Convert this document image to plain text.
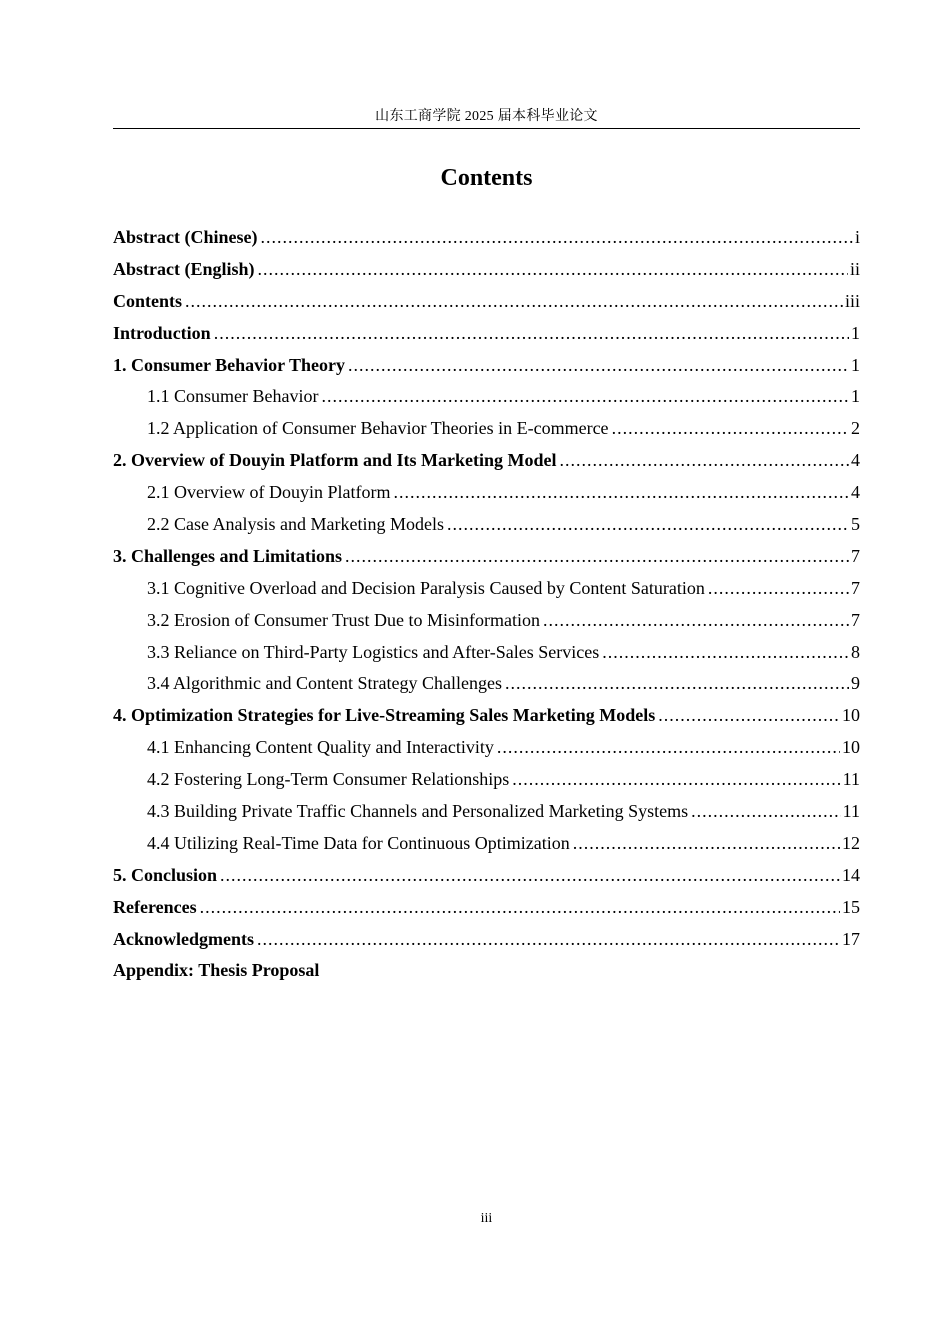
山东工商学院 2025 届本科毕业论文
Contents
Abstract (Chinese) .....	i
Abstract (English) .....	ii
Contents .....	iii
Introduction .....	1
1. Consumer Behavior Theory .....	1
1.1 Consumer Behavior .....	1
1.2 Application of Consumer Behavior Theories in E-commerce .....	2
2. Overview of Douyin Platform and Its Marketing Model .....	4
2.1 Overview of Douyin Platform .....	4
2.2 Case Analysis and Marketing Models .....	5
3. Challenges and Limitations .....	7
3.1 Cognitive Overload and Decision Paralysis Caused by Content Saturation .....	7
3.2 Erosion of Consumer Trust Due to Misinformation .....	7
3.3 Reliance on Third-Party Logistics and After-Sales Services .....	8
3.4 Algorithmic and Content Strategy Challenges .....	9
4. Optimization Strategies for Live-Streaming Sales Marketing Models .....	10
4.1 Enhancing Content Quality and Interactivity .....	10
4.2 Fostering Long-Term Consumer Relationships .....	11
4.3 Building Private Traffic Channels and Personalized Marketing Systems .....	11
4.4 Utilizing Real-Time Data for Continuous Optimization .....	12
5. Conclusion .....	14
References .....	15
Acknowledgments .....	17
Appendix: Thesis Proposal
iii
